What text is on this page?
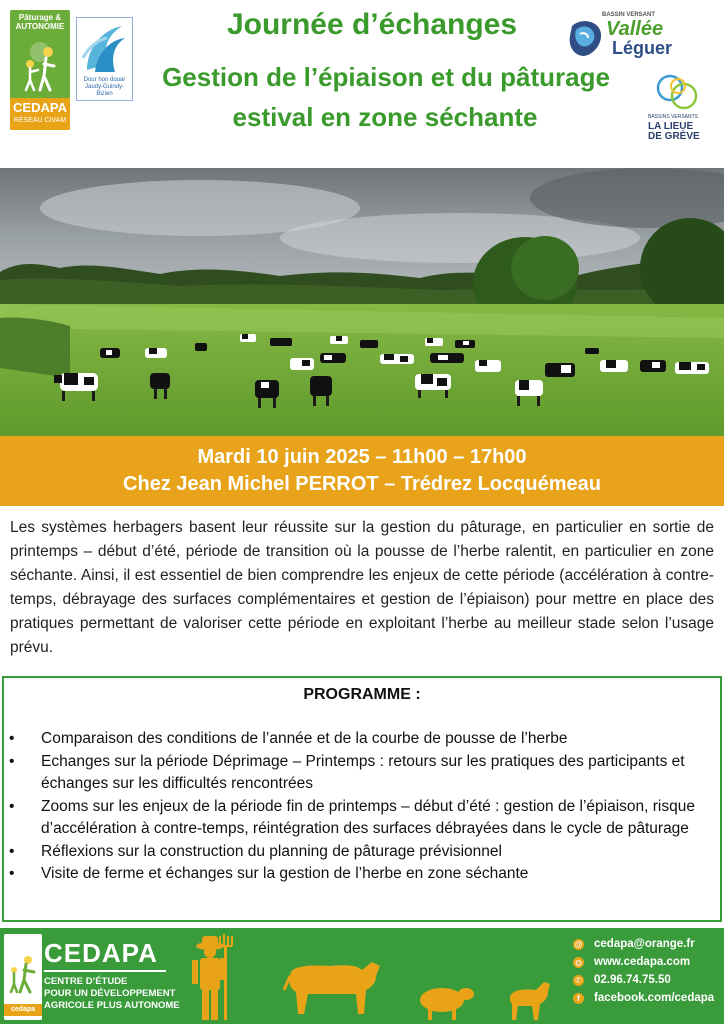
Pâturage &
AUTONOMIE
CEDAPA
RÉSEAU CIVAM
Dour hon douar
Jaudy-Guindy-Bizien
Journée d’échanges
Gestion de l’épiaison et du pâturage
estival en zone séchante
BASSIN VERSANT
Vallée
Léguer
BASSINS VERSANTS
LA LIEUE
DE GRÈVE
Mardi 10 juin 2025 – 11h00 – 17h00
Chez Jean Michel PERROT – Trédrez Locquémeau
Les systèmes herbagers basent leur réussite sur la gestion du pâturage, en particulier en sortie de printemps – début d’été, période de transition où la pousse de l’herbe ralentit, en particulier en zone séchante. Ainsi, il est essentiel de bien comprendre les enjeux de cette période (accélération à contre-temps, débrayage des surfaces complémentaires et gestion de l’épiaison) pour mettre en place des pratiques permettant de valoriser cette période en exploitant l’herbe au meilleur stade selon l’usage prévu.
PROGRAMME :
• Comparaison des conditions de l’année et de la courbe de pousse de l’herbe
• Echanges sur la période Déprimage – Printemps : retours sur les pratiques des participants et échanges sur les difficultés rencontrées
• Zooms sur les enjeux de la période fin de printemps – début d’été : gestion de l’épiaison, risque d’accélération à contre-temps, réintégration des surfaces débrayées dans le cycle de pâturage
• Réflexions sur la construction du planning de pâturage prévisionnel
• Visite de ferme et échanges sur la gestion de l’herbe en zone séchante
cedapa
CEDAPA
CENTRE D’ÉTUDE
POUR UN DÉVELOPPEMENT
AGRICOLE PLUS AUTONOME
@ cedapa@orange.fr
◍ www.cedapa.com
✆ 02.96.74.75.50
f facebook.com/cedapa
